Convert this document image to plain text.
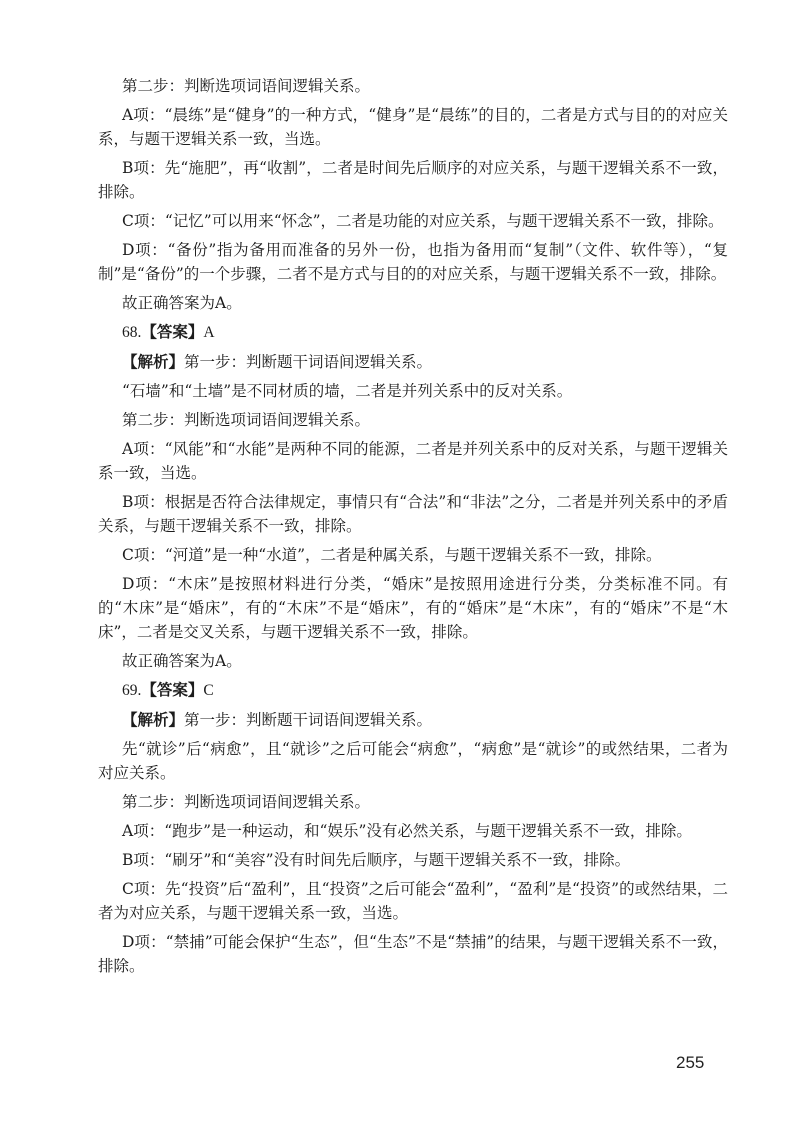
第二步：判断选项词语间逻辑关系。

A项：“晨练”是“健身”的一种方式，“健身”是“晨练”的目的，二者是方式与目的的对应关系，与题干逻辑关系一致，当选。

B项：先“施肥”，再“收割”，二者是时间先后顺序的对应关系，与题干逻辑关系不一致，排除。

C项：“记忆”可以用来“怀念”，二者是功能的对应关系，与题干逻辑关系不一致，排除。

D项：“备份”指为备用而准备的另外一份，也指为备用而“复制”（文件、软件等），“复制”是“备份”的一个步骤，二者不是方式与目的的对应关系，与题干逻辑关系不一致，排除。

故正确答案为A。

68.【答案】A

【解析】第一步：判断题干词语间逻辑关系。

“石墙”和“土墙”是不同材质的墙，二者是并列关系中的反对关系。

第二步：判断选项词语间逻辑关系。

A项：“风能”和“水能”是两种不同的能源，二者是并列关系中的反对关系，与题干逻辑关系一致，当选。

B项：根据是否符合法律规定，事情只有“合法”和“非法”之分，二者是并列关系中的矛盾关系，与题干逻辑关系不一致，排除。

C项：“河道”是一种“水道”，二者是种属关系，与题干逻辑关系不一致，排除。

D项：“木床”是按照材料进行分类，“婚床”是按照用途进行分类，分类标准不同。有的“木床”是“婚床”，有的“木床”不是“婚床”，有的“婚床”是“木床”，有的“婚床”不是“木床”，二者是交叉关系，与题干逻辑关系不一致，排除。

故正确答案为A。

69.【答案】C

【解析】第一步：判断题干词语间逻辑关系。

先“就诊”后“病愈”，且“就诊”之后可能会“病愈”，“病愈”是“就诊”的或然结果，二者为对应关系。

第二步：判断选项词语间逻辑关系。

A项：“跑步”是一种运动，和“娱乐”没有必然关系，与题干逻辑关系不一致，排除。

B项：“刷牙”和“美容”没有时间先后顺序，与题干逻辑关系不一致，排除。

C项：先“投资”后“盈利”，且“投资”之后可能会“盈利”，“盈利”是“投资”的或然结果，二者为对应关系，与题干逻辑关系一致，当选。

D项：“禁捕”可能会保护“生态”，但“生态”不是“禁捕”的结果，与题干逻辑关系不一致，排除。

255
